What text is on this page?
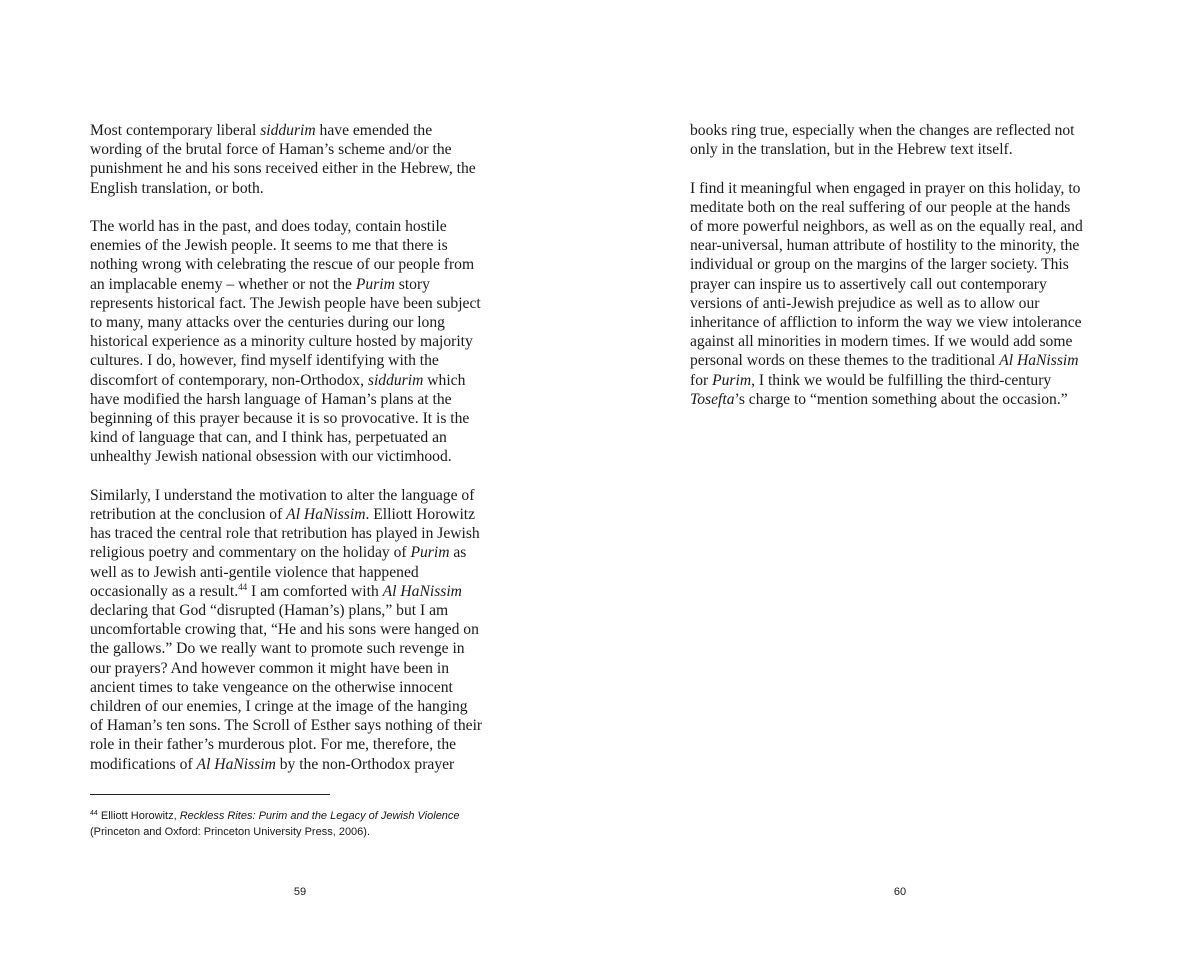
Most contemporary liberal siddurim have emended the
wording of the brutal force of Haman’s scheme and/or the
punishment he and his sons received either in the Hebrew, the
English translation, or both.
The world has in the past, and does today, contain hostile
enemies of the Jewish people. It seems to me that there is
nothing wrong with celebrating the rescue of our people from
an implacable enemy – whether or not the Purim story
represents historical fact. The Jewish people have been subject
to many, many attacks over the centuries during our long
historical experience as a minority culture hosted by majority
cultures. I do, however, find myself identifying with the
discomfort of contemporary, non-Orthodox, siddurim which
have modified the harsh language of Haman’s plans at the
beginning of this prayer because it is so provocative. It is the
kind of language that can, and I think has, perpetuated an
unhealthy Jewish national obsession with our victimhood.
Similarly, I understand the motivation to alter the language of
retribution at the conclusion of Al HaNissim. Elliott Horowitz
has traced the central role that retribution has played in Jewish
religious poetry and commentary on the holiday of Purim as
well as to Jewish anti-gentile violence that happened
occasionally as a result.$^{44}$ I am comforted with Al HaNissim
declaring that God “disrupted (Haman’s) plans,” but I am
uncomfortable crowing that, “He and his sons were hanged on
the gallows.” Do we really want to promote such revenge in
our prayers? And however common it might have been in
ancient times to take vengeance on the otherwise innocent
children of our enemies, I cringe at the image of the hanging
of Haman’s ten sons. The Scroll of Esther says nothing of their
role in their father’s murderous plot. For me, therefore, the
modifications of Al HaNissim by the non-Orthodox prayer
$^{44}$ Elliott Horowitz, Reckless Rites: Purim and the Legacy of Jewish Violence
(Princeton and Oxford: Princeton University Press, 2006).
59
books ring true, especially when the changes are reflected not
only in the translation, but in the Hebrew text itself.
I find it meaningful when engaged in prayer on this holiday, to
meditate both on the real suffering of our people at the hands
of more powerful neighbors, as well as on the equally real, and
near-universal, human attribute of hostility to the minority, the
individual or group on the margins of the larger society. This
prayer can inspire us to assertively call out contemporary
versions of anti-Jewish prejudice as well as to allow our
inheritance of affliction to inform the way we view intolerance
against all minorities in modern times. If we would add some
personal words on these themes to the traditional Al HaNissim
for Purim, I think we would be fulfilling the third-century
Tosefta’s charge to “mention something about the occasion.”
60
